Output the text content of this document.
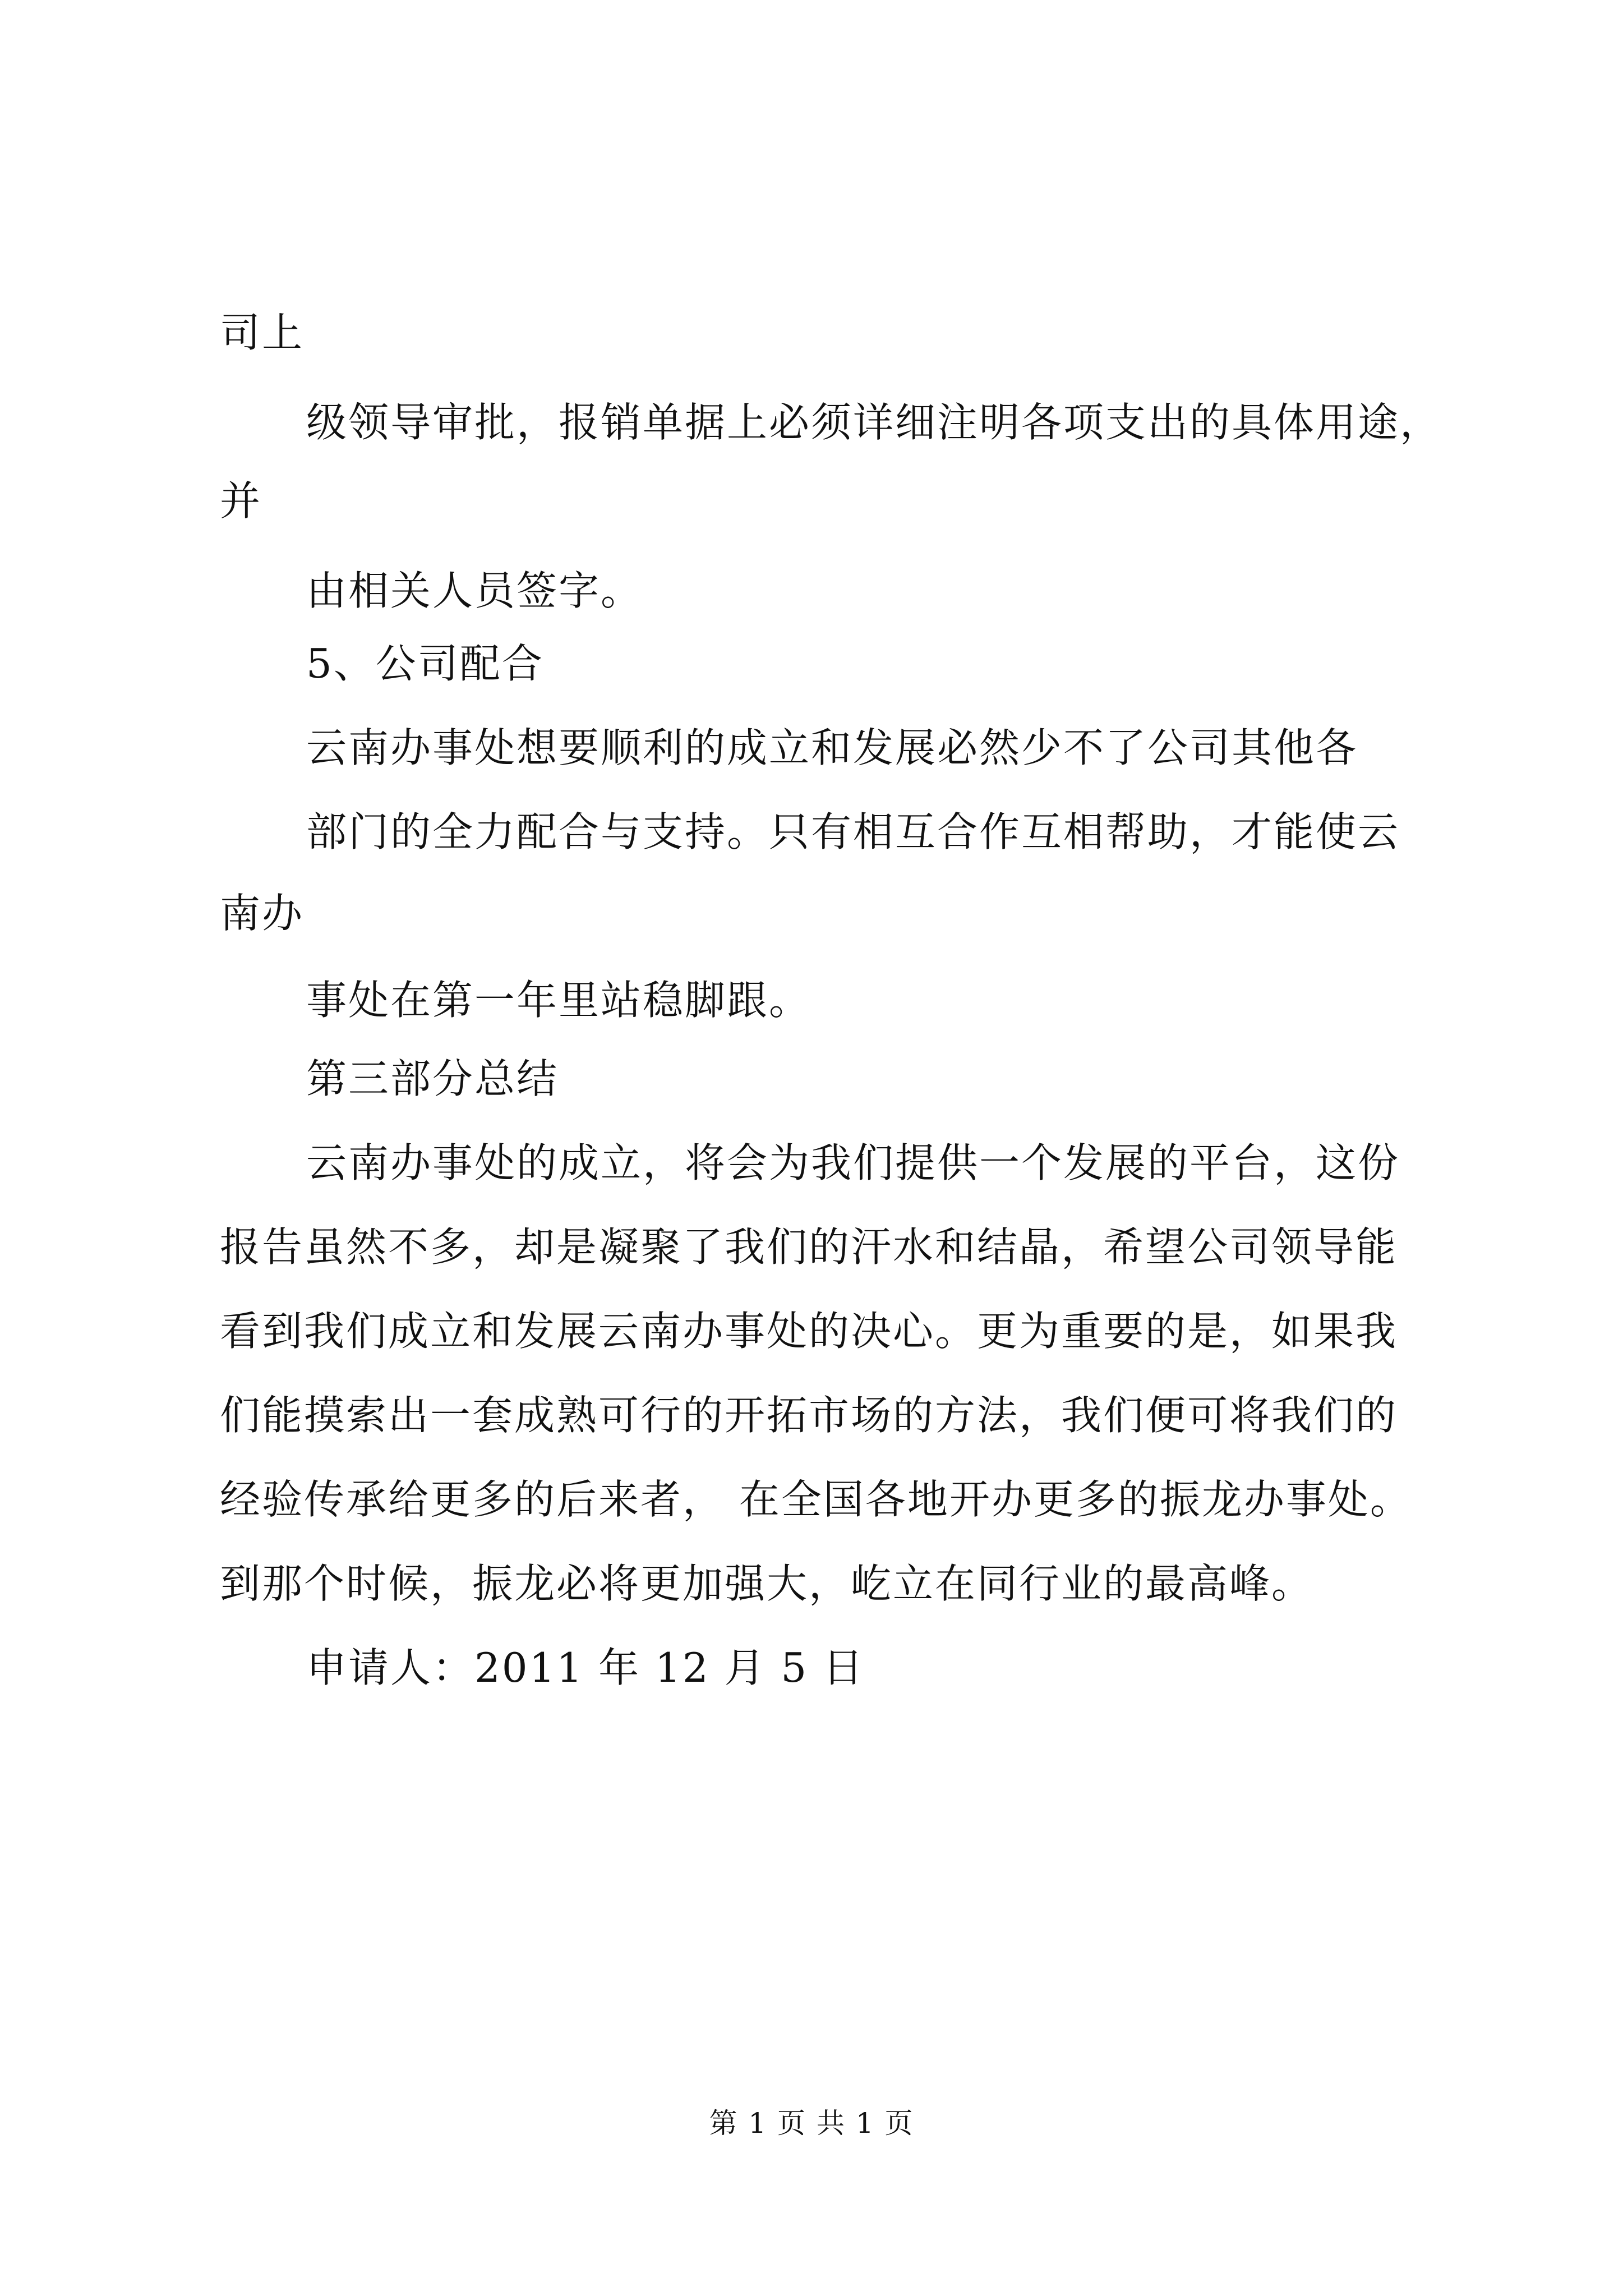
司上

级领导审批，报销单据上必须详细注明各项支出的具体用途，

并

由相关人员签字。

5、公司配合

云南办事处想要顺利的成立和发展必然少不了公司其他各

部门的全力配合与支持。只有相互合作互相帮助，才能使云

南办

事处在第一年里站稳脚跟。

第三部分总结

云南办事处的成立，将会为我们提供一个发展的平台，这份

报告虽然不多，却是凝聚了我们的汗水和结晶，希望公司领导能

看到我们成立和发展云南办事处的决心。更为重要的是，如果我

们能摸索出一套成熟可行的开拓市场的方法，我们便可将我们的

经验传承给更多的后来者， 在全国各地开办更多的振龙办事处。

到那个时候，振龙必将更加强大，屹立在同行业的最高峰。

申请人：2011 年 12 月 5 日

第 1 页 共 1 页
